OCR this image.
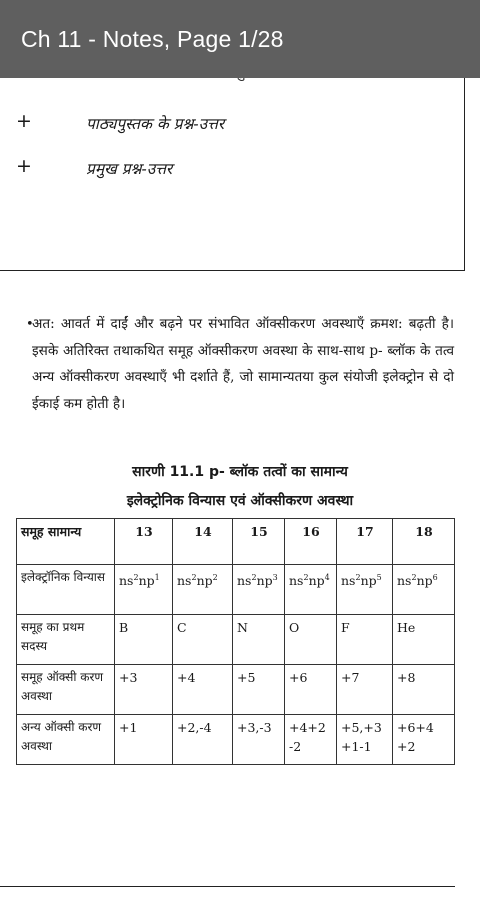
+	पाठ्यपुस्तक के प्रश्न-उत्तर
+	प्रमुख प्रश्न-उत्तर
•
अत: आवर्त में दाईं और बढ़ने पर संभावित ऑक्सीकरण अवस्थाएँ क्रमश: बढ़ती है। इसके अतिरिक्त तथाकथित समूह ऑक्सीकरण अवस्था के साथ-साथ p- ब्लॉक के तत्व अन्य ऑक्सीकरण अवस्थाएँ भी दर्शाते हैं, जो सामान्यतया कुल संयोजी इलेक्ट्रोन से दो ईकाई कम होती है।
सारणी 11.1 p- ब्लॉक तत्वों का सामान्य
इलेक्ट्रोनिक विन्यास एवं ऑक्सीकरण अवस्था
समूह सामान्य	13	14	15	16	17	18
इलेक्ट्रॉनिक विन्यास	$ns^2np^1$	$ns^2np^2$	$ns^2np^3$	$ns^2np^4$	$ns^2np^5$	$ns^2np^6$
समूह का प्रथम सदस्य	B	C	N	O	F	He
समूह ऑक्सी करण अवस्था	+3	+4	+5	+6	+7	+8
अन्य ऑक्सी करण अवस्था	+1	+2,-4	+3,-3	+4+2 -2	+5,+3 +1-1	+6+4 +2
Ch 11 - Notes, Page 1/28
